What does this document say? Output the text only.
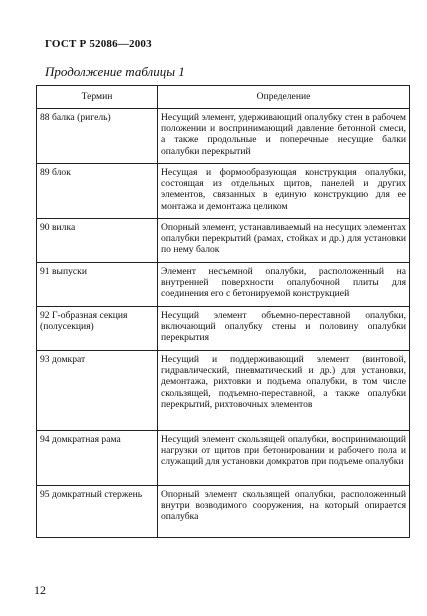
ГОСТ Р 52086—2003
Продолжение таблицы 1
Термин	Определение
88 балка (ригель)	Несущий элемент, удерживающий опалубку стен в рабочем положении и воспринимающий давление бетонной смеси, а также продольные и поперечные несущие балки опалубки перекрытий
89 блок	Несущая и формообразующая конструкция опалубки, состоящая из отдельных щитов, панелей и других элементов, связанных в единую конструкцию для ее монтажа и демонтажа целиком
90 вилка	Опорный элемент, устанавливаемый на несущих элементах опалубки перекрытий (рамах, стойках и др.) для установки по нему балок
91 выпуски	Элемент несъемной опалубки, расположенный на внутренней поверхности опалубочной плиты для соединения его с бетонируемой конструкцией
92 Г-образная секция (полусекция)	Несущий элемент объемно-переставной опалубки, включающий опалубку стены и половину опалубки перекрытия
93 домкрат	Несущий и поддерживающий элемент (винтовой, гидравлический, пневматический и др.) для установки, демонтажа, рихтовки и подъема опалубки, в том числе скользящей, подъемно-переставной, а также опалубки перекрытий, рихтовочных элементов
94 домкратная рама	Несущий элемент скользящей опалубки, воспринимающий нагрузки от щитов при бетонировании и рабочего пола и служащий для установки домкратов при подъеме опалубки
95 домкратный стержень	Опорный элемент скользящей опалубки, расположенный внутри возводимого сооружения, на который опирается опалубка
12
